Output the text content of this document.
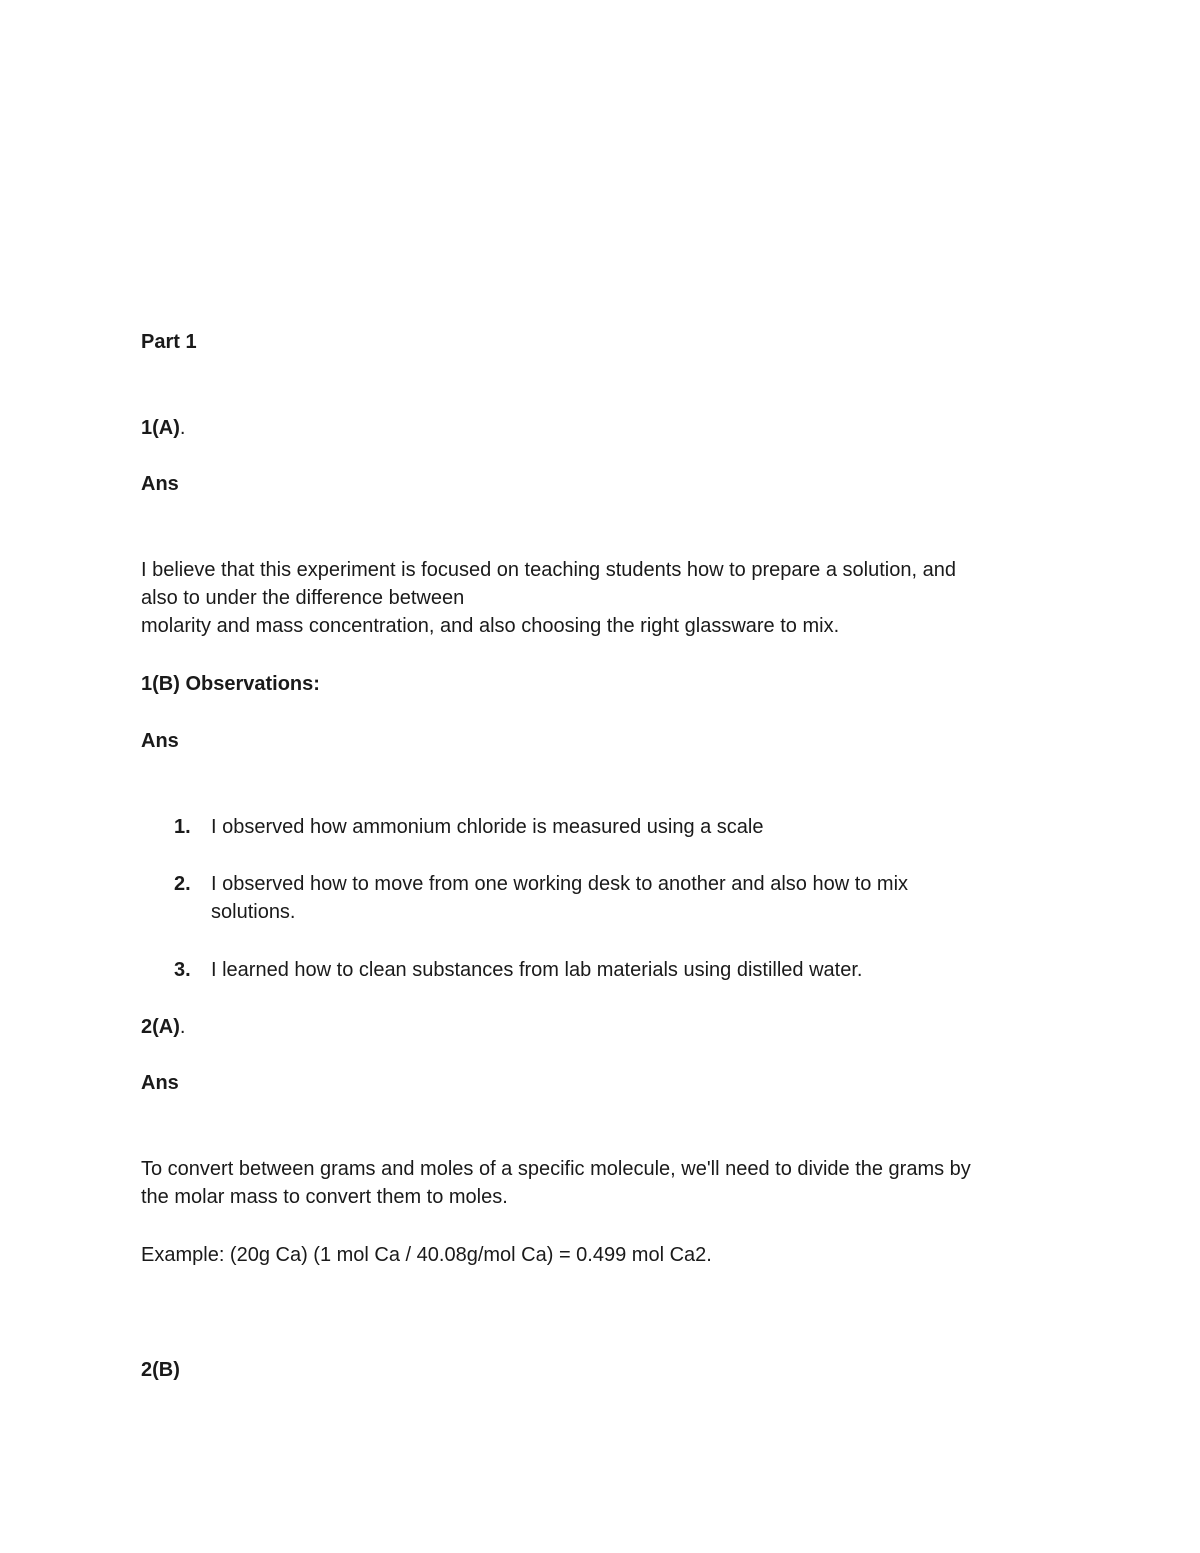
Part 1

1(A).

Ans

I believe that this experiment is focused on teaching students how to prepare a solution, and

also to under the difference between

molarity and mass concentration, and also choosing the right glassware to mix.

1(B) Observations:

Ans

1. I observed how ammonium chloride is measured using a scale
2. I observed how to move from one working desk to another and also how to mix
solutions.
3. I learned how to clean substances from lab materials using distilled water.

2(A).

Ans

To convert between grams and moles of a specific molecule, we'll need to divide the grams by

the molar mass to convert them to moles.

Example: (20g Ca) (1 mol Ca / 40.08g/mol Ca) = 0.499 mol Ca2.

2(B)
